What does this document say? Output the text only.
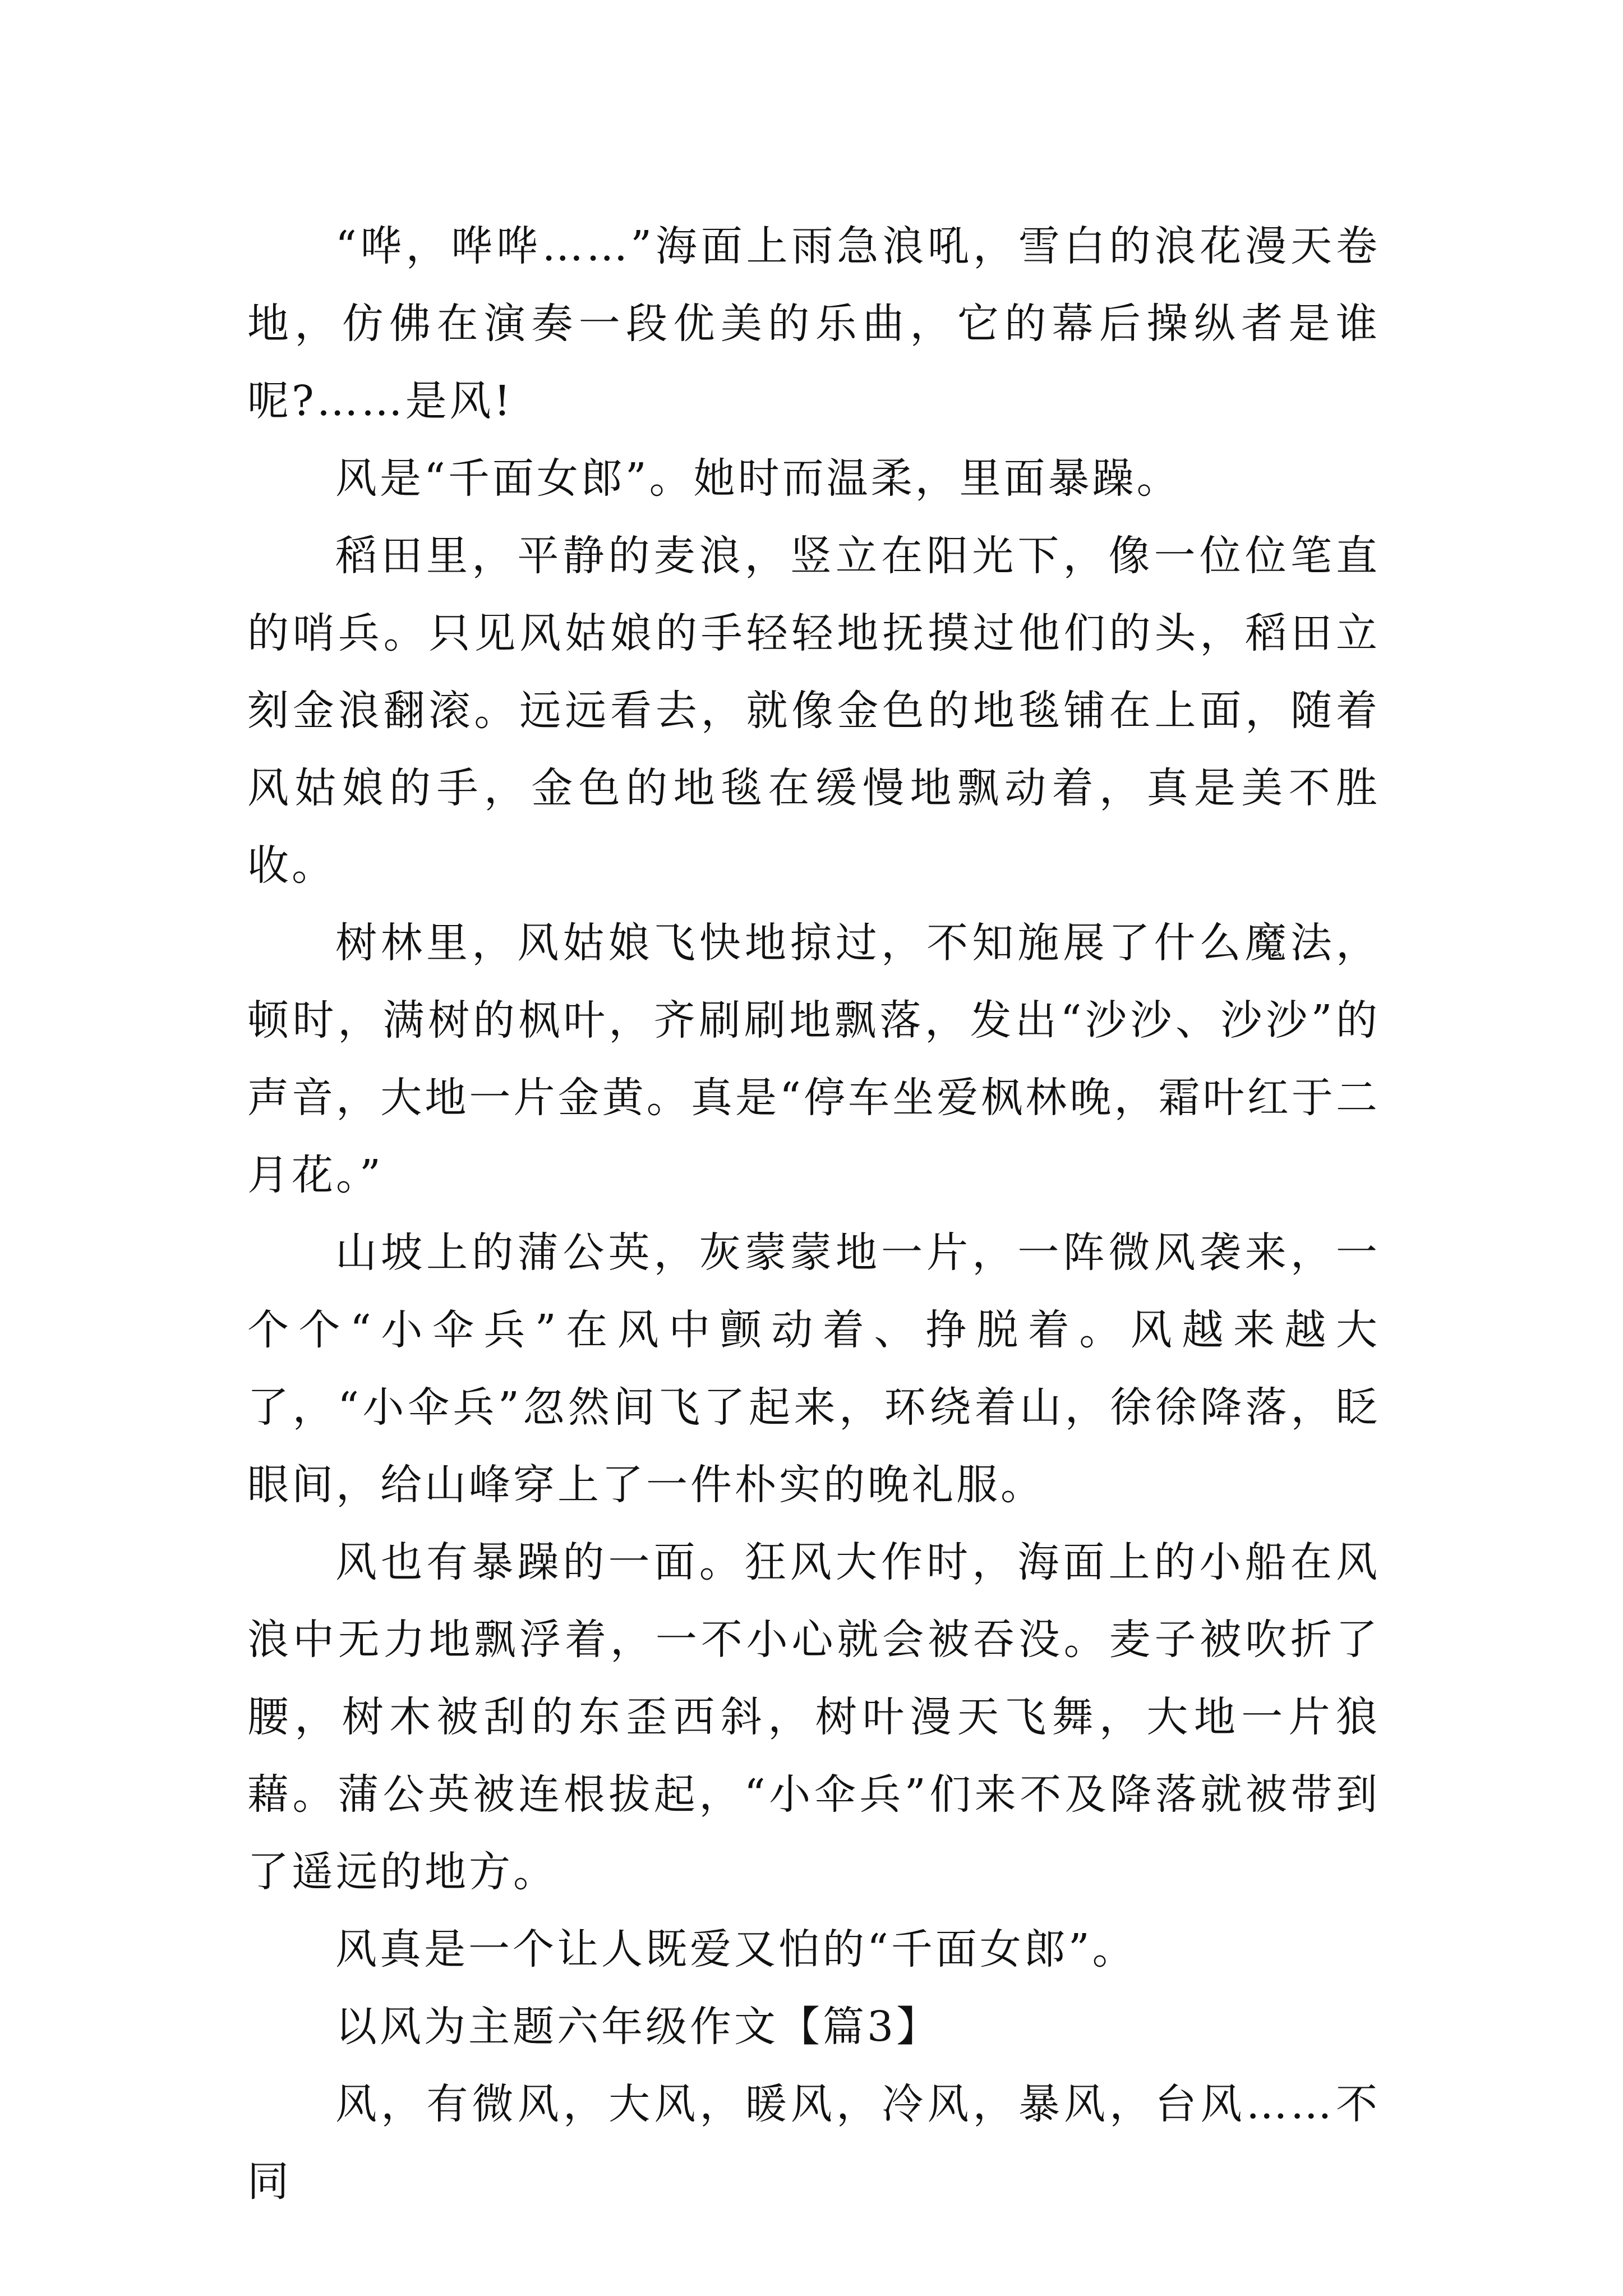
“哗，哗哗……”海面上雨急浪吼，雪白的浪花漫天卷地，仿佛在演奏一段优美的乐曲，它的幕后操纵者是谁呢?……是风!

风是“千面女郎”。她时而温柔，里面暴躁。

稻田里，平静的麦浪，竖立在阳光下，像一位位笔直的哨兵。只见风姑娘的手轻轻地抚摸过他们的头，稻田立刻金浪翻滚。远远看去，就像金色的地毯铺在上面，随着风姑娘的手，金色的地毯在缓慢地飘动着，真是美不胜收。

树林里，风姑娘飞快地掠过，不知施展了什么魔法，顿时，满树的枫叶，齐刷刷地飘落，发出“沙沙、沙沙”的声音，大地一片金黄。真是“停车坐爱枫林晚，霜叶红于二月花。”

山坡上的蒲公英，灰蒙蒙地一片，一阵微风袭来，一个个“小伞兵”在风中颤动着、挣脱着。风越来越大了，“小伞兵”忽然间飞了起来，环绕着山，徐徐降落，眨眼间，给山峰穿上了一件朴实的晚礼服。

风也有暴躁的一面。狂风大作时，海面上的小船在风浪中无力地飘浮着，一不小心就会被吞没。麦子被吹折了腰，树木被刮的东歪西斜，树叶漫天飞舞，大地一片狼藉。蒲公英被连根拔起，“小伞兵”们来不及降落就被带到了遥远的地方。

风真是一个让人既爱又怕的“千面女郎”。

以风为主题六年级作文【篇3】

风，有微风，大风，暖风，冷风，暴风，台风……不同
